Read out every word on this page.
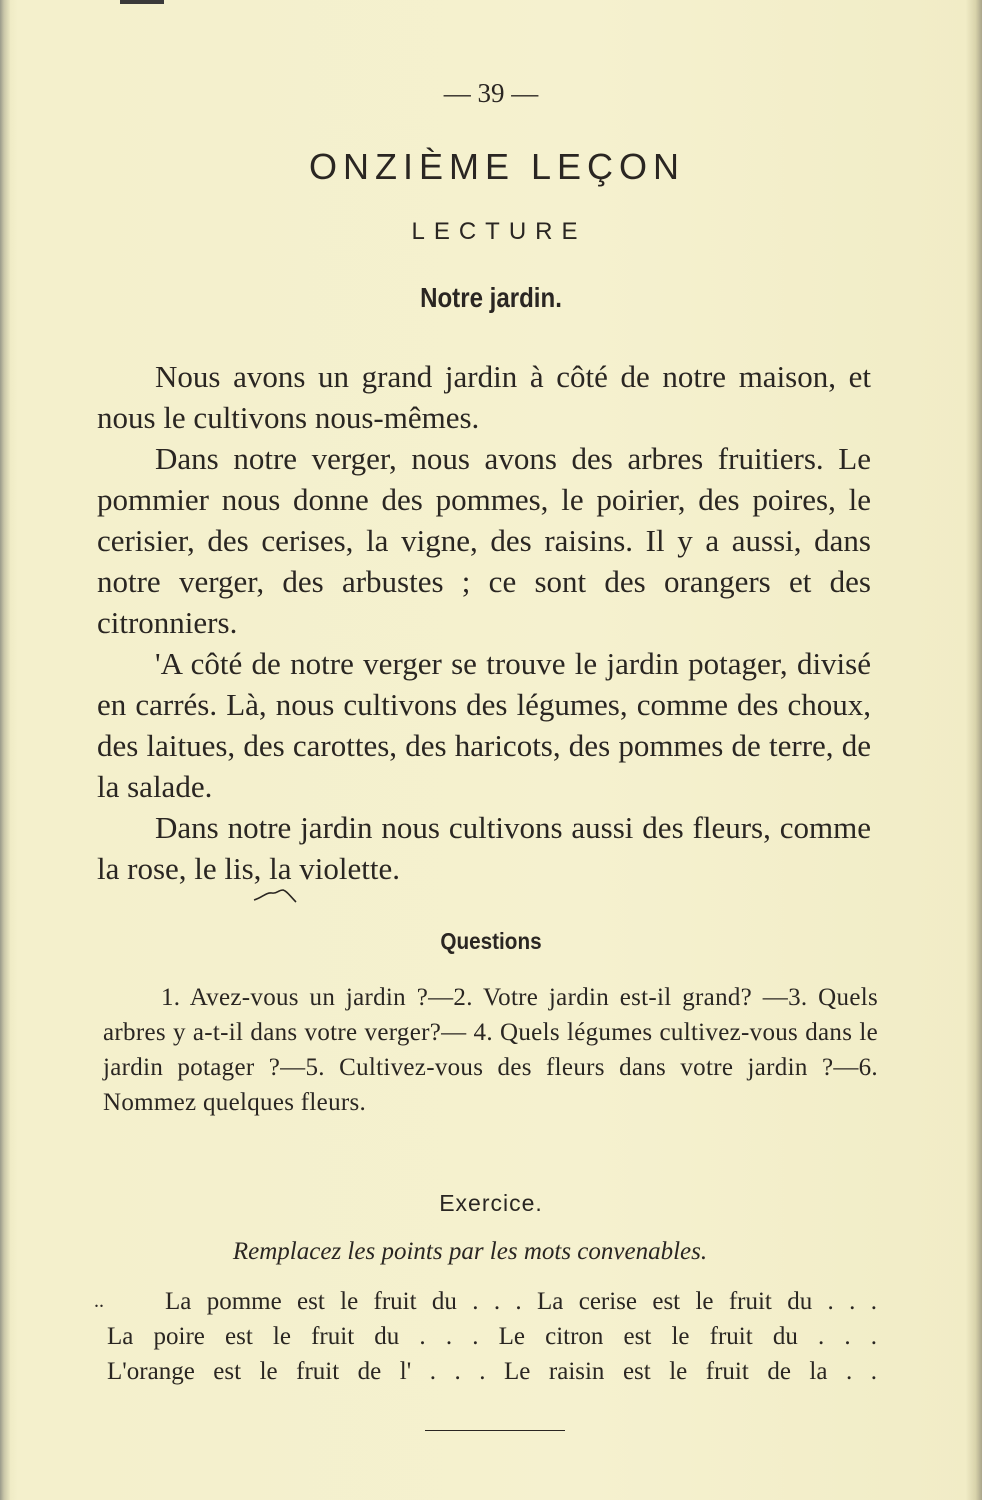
— 39 —
ONZIÈME LEÇON
LECTURE
Notre jardin.

Nous avons un grand jardin à côté de notre maison, et nous le cultivons nous-mêmes.

Dans notre verger, nous avons des arbres fruitiers. Le pommier nous donne des pommes, le poirier, des poires, le cerisier, des cerises, la vigne, des raisins. Il y a aussi, dans notre verger, des arbustes ; ce sont des orangers et des citronniers.

'A côté de notre verger se trouve le jardin potager, divisé en carrés. Là, nous cultivons des légumes, comme des choux, des laitues, des carottes, des haricots, des pommes de terre, de la salade.

Dans notre jardin nous cultivons aussi des fleurs, comme la rose, le lis, la violette.

Questions

1. Avez-vous un jardin ?—2. Votre jardin est-il grand? —3. Quels arbres y a-t-il dans votre verger?— 4. Quels légumes cultivez-vous dans le jardin potager ?—5. Cultivez-vous des fleurs dans votre jardin ?—6. Nommez quelques fleurs.

Exercice.
Remplacez les points par les mots convenables.
..	La pomme est le fruit du . . . La cerise est le fruit du . . .
La poire est le fruit du . . . Le citron est le fruit du . . .
L'orange est le fruit de l' . . . Le raisin est le fruit de la . .
